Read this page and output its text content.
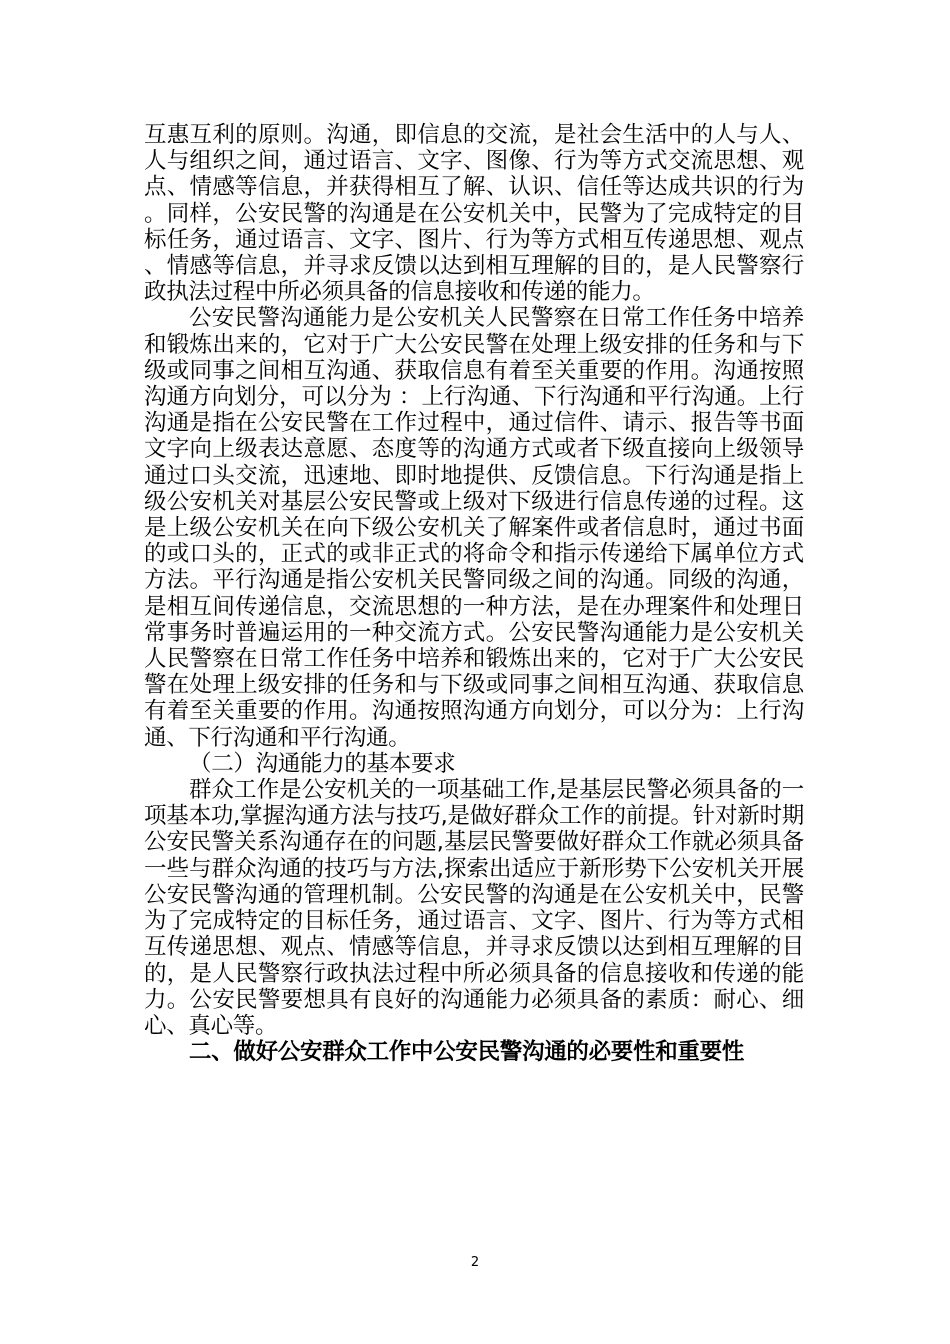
互惠互利的原则。沟通，即信息的交流，是社会生活中的人与人、人与组织之间，通过语言、文字、图像、行为等方式交流思想、观点、情感等信息，并获得相互了解、认识、信任等达成共识的行为。同样，公安民警的沟通是在公安机关中，民警为了完成特定的目标任务，通过语言、文字、图片、行为等方式相互传递思想、观点、情感等信息，并寻求反馈以达到相互理解的目的，是人民警察行政执法过程中所必须具备的信息接收和传递的能力。

公安民警沟通能力是公安机关人民警察在日常工作任务中培养和锻炼出来的，它对于广大公安民警在处理上级安排的任务和与下级或同事之间相互沟通、获取信息有着至关重要的作用。沟通按照沟通方向划分，可以分为 ：上行沟通、下行沟通和平行沟通。上行沟通是指在公安民警在工作过程中，通过信件、请示、报告等书面文字向上级表达意愿、态度等的沟通方式或者下级直接向上级领导通过口头交流，迅速地、即时地提供、反馈信息。下行沟通是指上级公安机关对基层公安民警或上级对下级进行信息传递的过程。这是上级公安机关在向下级公安机关了解案件或者信息时，通过书面的或口头的，正式的或非正式的将命令和指示传递给下属单位方式方法。平行沟通是指公安机关民警同级之间的沟通。同级的沟通，是相互间传递信息，交流思想的一种方法，是在办理案件和处理日常事务时普遍运用的一种交流方式。公安民警沟通能力是公安机关人民警察在日常工作任务中培养和锻炼出来的，它对于广大公安民警在处理上级安排的任务和与下级或同事之间相互沟通、获取信息有着至关重要的作用。沟通按照沟通方向划分，可以分为：上行沟通、下行沟通和平行沟通。

（二）沟通能力的基本要求

群众工作是公安机关的一项基础工作,是基层民警必须具备的一项基本功,掌握沟通方法与技巧,是做好群众工作的前提。针对新时期公安民警关系沟通存在的问题,基层民警要做好群众工作就必须具备一些与群众沟通的技巧与方法,探索出适应于新形势下公安机关开展公安民警沟通的管理机制。公安民警的沟通是在公安机关中，民警为了完成特定的目标任务，通过语言、文字、图片、行为等方式相互传递思想、观点、情感等信息，并寻求反馈以达到相互理解的目的，是人民警察行政执法过程中所必须具备的信息接收和传递的能力。公安民警要想具有良好的沟通能力必须具备的素质：耐心、细心、真心等。

二、做好公安群众工作中公安民警沟通的必要性和重要性

2
